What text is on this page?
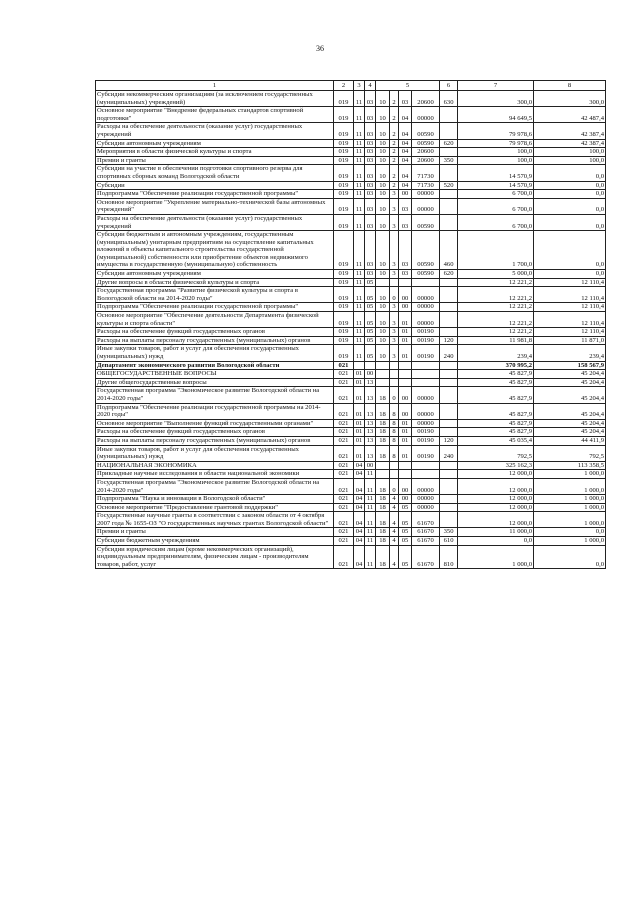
36
1	2	3	4	5				6	7	8
Субсидии некоммерческим организациям (за исключением государственных (муниципальных) учреждений)	019	11	03	10	2	03	20600	630	300,0	300,0
Основное мероприятие "Внедрение федеральных стандартов спортивной подготовки"	019	11	03	10	2	04	00000		94 649,5	42 487,4
Расходы на обеспечение деятельности (оказание услуг) государственных учреждений	019	11	03	10	2	04	00590		79 978,6	42 387,4
Субсидии автономным учреждениям	019	11	03	10	2	04	00590	620	79 978,6	42 387,4
Мероприятия в области физической культуры и спорта	019	11	03	10	2	04	20600		100,0	100,0
Премии и гранты	019	11	03	10	2	04	20600	350	100,0	100,0
Субсидии на участие в обеспечении подготовки спортивного резерва для спортивных сборных команд Вологодской области	019	11	03	10	2	04	71730		14 570,9	0,0
Субсидии	019	11	03	10	2	04	71730	520	14 570,9	0,0
Подпрограмма "Обеспечение реализации государственной программы"	019	11	03	10	3	00	00000		6 700,0	0,0
Основное мероприятие "Укрепление материально-технической базы автономных учреждений"	019	11	03	10	3	03	00000		6 700,0	0,0
Расходы на обеспечение деятельности (оказание услуг) государственных учреждений	019	11	03	10	3	03	00590		6 700,0	0,0
Субсидии бюджетным и автономным учреждениям, государственным (муниципальным) унитарным предприятиям на осуществление капитальных вложений в объекты капитального строительства государственной (муниципальной) собственности или приобретение объектов недвижимого имущества в государственную (муниципальную) собственность	019	11	03	10	3	03	00590	460	1 700,0	0,0
Субсидии автономным учреждениям	019	11	03	10	3	03	00590	620	5 000,0	0,0
Другие вопросы в области физической культуры и спорта	019	11	05						12 221,2	12 110,4
Государственная программа "Развитие физической культуры и спорта в Вологодской области на 2014-2020 годы"	019	11	05	10	0	00	00000		12 221,2	12 110,4
Подпрограмма "Обеспечение реализации государственной программы"	019	11	05	10	3	00	00000		12 221,2	12 110,4
Основное мероприятие "Обеспечение деятельности Департамента физической культуры и спорта области"	019	11	05	10	3	01	00000		12 221,2	12 110,4
Расходы на обеспечение функций государственных органов	019	11	05	10	3	01	00190		12 221,2	12 110,4
Расходы на выплаты персоналу государственных (муниципальных) органов	019	11	05	10	3	01	00190	120	11 981,8	11 871,0
Иные закупки товаров, работ и услуг для обеспечения государственных (муниципальных) нужд	019	11	05	10	3	01	00190	240	239,4	239,4
Департамент экономического развития Вологодской области	021								370 995,2	158 567,9
ОБЩЕГОСУДАРСТВЕННЫЕ ВОПРОСЫ	021	01	00						45 827,9	45 204,4
Другие общегосударственные вопросы	021	01	13						45 827,9	45 204,4
Государственная программа "Экономическое развитие Вологодской области на 2014-2020 годы"	021	01	13	18	0	00	00000		45 827,9	45 204,4
Подпрограмма "Обеспечение реализации государственной программы на 2014-2020 годы"	021	01	13	18	8	00	00000		45 827,9	45 204,4
Основное мероприятие "Выполнение функций государственными органами"	021	01	13	18	8	01	00000		45 827,9	45 204,4
Расходы на обеспечение функций государственных органов	021	01	13	18	8	01	00190		45 827,9	45 204,4
Расходы на выплаты персоналу государственных (муниципальных) органов	021	01	13	18	8	01	00190	120	45 035,4	44 411,9
Иные закупки товаров, работ и услуг для обеспечения государственных (муниципальных) нужд	021	01	13	18	8	01	00190	240	792,5	792,5
НАЦИОНАЛЬНАЯ ЭКОНОМИКА	021	04	00						325 162,3	113 358,5
Прикладные научные исследования в области национальной экономики	021	04	11						12 000,0	1 000,0
Государственная программа "Экономическое развитие Вологодской области на 2014-2020 годы"	021	04	11	18	0	00	00000		12 000,0	1 000,0
Подпрограмма "Наука и инновации в Вологодской области"	021	04	11	18	4	00	00000		12 000,0	1 000,0
Основное мероприятие "Предоставление грантовой поддержки"	021	04	11	18	4	05	00000		12 000,0	1 000,0
Государственные научные гранты в соответствии с законом области от 4 октября 2007 года № 1655-ОЗ "О государственных научных грантах Вологодской области"	021	04	11	18	4	05	61670		12 000,0	1 000,0
Премии и гранты	021	04	11	18	4	05	61670	350	11 000,0	0,0
Субсидии бюджетным учреждениям	021	04	11	18	4	05	61670	610	0,0	1 000,0
Субсидии юридическим лицам (кроме некоммерческих организаций), индивидуальным предпринимателям, физическим лицам - производителям товаров, работ, услуг	021	04	11	18	4	05	61670	810	1 000,0	0,0
